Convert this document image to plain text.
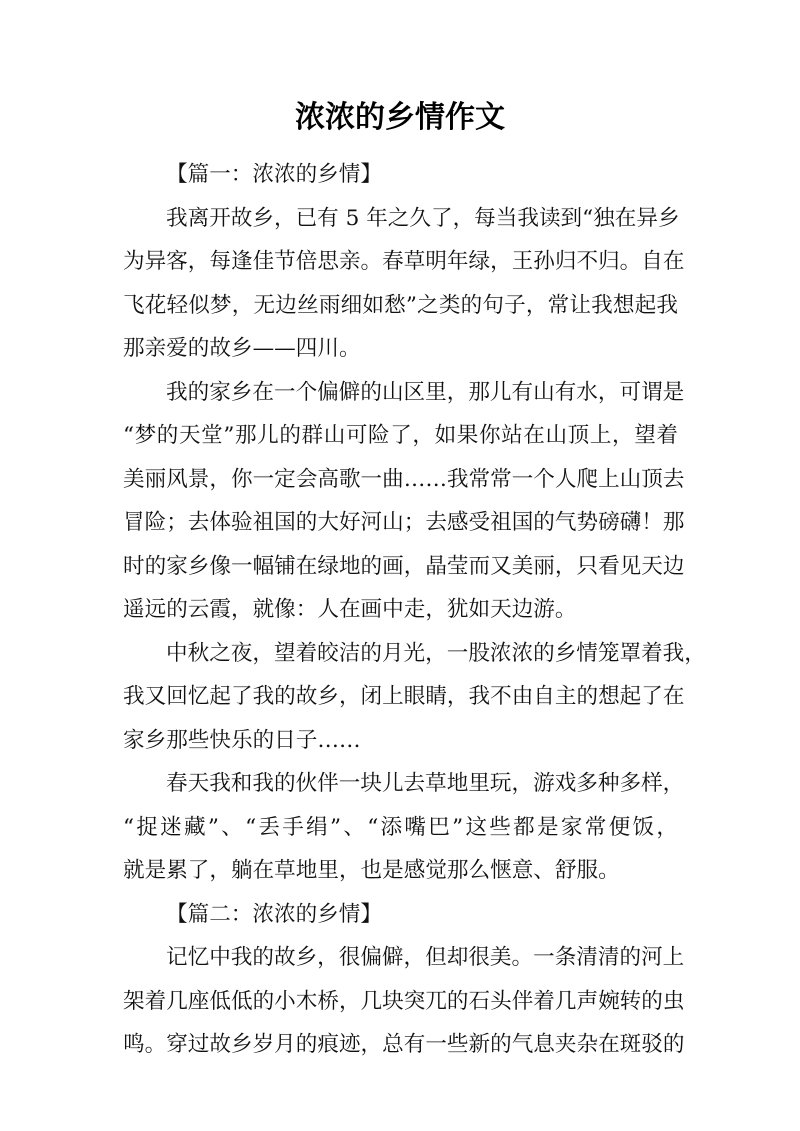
浓浓的乡情作文
【篇一：浓浓的乡情】
我离开故乡，已有 5 年之久了，每当我读到“独在异乡
为异客，每逢佳节倍思亲。春草明年绿，王孙归不归。自在
飞花轻似梦，无边丝雨细如愁”之类的句子，常让我想起我
那亲爱的故乡——四川。
我的家乡在一个偏僻的山区里，那儿有山有水，可谓是
“梦的天堂”那儿的群山可险了，如果你站在山顶上，望着
美丽风景，你一定会高歌一曲……我常常一个人爬上山顶去
冒险；去体验祖国的大好河山；去感受祖国的气势磅礴！那
时的家乡像一幅铺在绿地的画，晶莹而又美丽，只看见天边
遥远的云霞，就像：人在画中走，犹如天边游。
中秋之夜，望着皎洁的月光，一股浓浓的乡情笼罩着我，
我又回忆起了我的故乡，闭上眼睛，我不由自主的想起了在
家乡那些快乐的日子……
春天我和我的伙伴一块儿去草地里玩，游戏多种多样，
“捉迷藏”、“丢手绢”、“添嘴巴”这些都是家常便饭，
就是累了，躺在草地里，也是感觉那么惬意、舒服。
【篇二：浓浓的乡情】
记忆中我的故乡，很偏僻，但却很美。一条清清的河上
架着几座低低的小木桥，几块突兀的石头伴着几声婉转的虫
鸣。穿过故乡岁月的痕迹，总有一些新的气息夹杂在斑驳的
